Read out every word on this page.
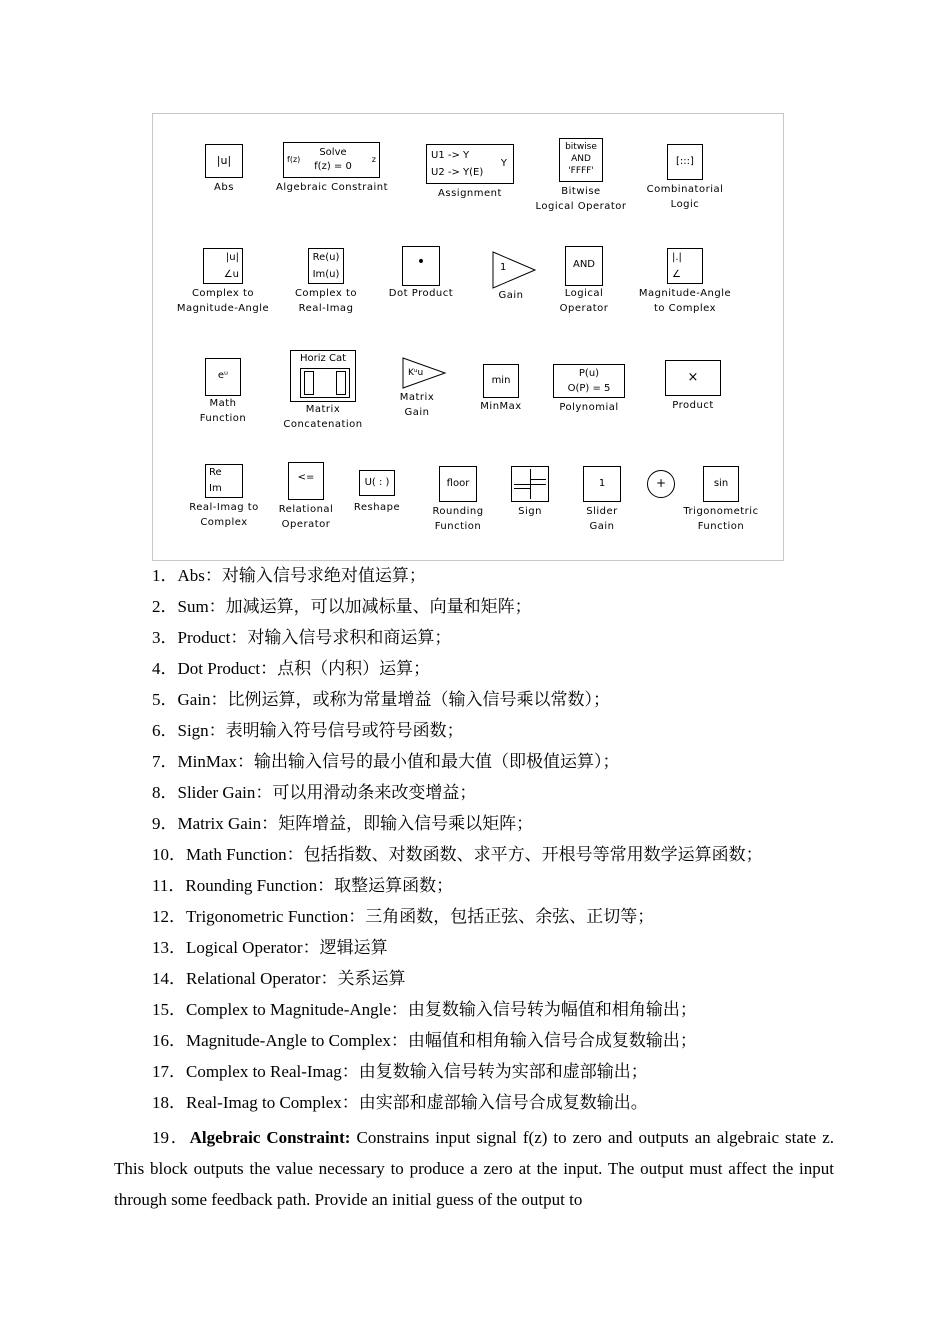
|u|
Abs
f(z)
Solve
f(z) = 0
z
Algebraic Constraint
U1 -> Y
U2 -> Y(E)
Y
Assignment
bitwise
AND
'FFFF'
Bitwise
Logical Operator
[:::]
Combinatorial
Logic
|u|
∠u
Complex to
Magnitude-Angle
Re(u)
Im(u)
Complex to
Real-Imag
•
Dot Product
1
Gain
AND
Logical
Operator
|.|
∠
Magnitude-Angle
to Complex
eᵘ
Math
Function
Horiz Cat
Matrix
Concatenation
Kᵘu
Matrix
Gain
min
MinMax
P(u)
O(P) = 5
Polynomial
×
Product
Re
Im
Real-Imag to
Complex
<=
Relational
Operator
U( : )
Reshape
floor
Rounding
Function
Sign
1
Slider
Gain
+	sin
Trigonometric
Function
1．Abs：对输入信号求绝对值运算；
2．Sum：加减运算，可以加减标量、向量和矩阵；
3．Product：对输入信号求积和商运算；
4．Dot Product：点积（内积）运算；
5．Gain：比例运算，或称为常量增益（输入信号乘以常数）；
6．Sign：表明输入符号信号或符号函数；
7．MinMax：输出输入信号的最小值和最大值（即极值运算）；
8．Slider Gain：可以用滑动条来改变增益；
9．Matrix Gain：矩阵增益，即输入信号乘以矩阵；
10．Math Function：包括指数、对数函数、求平方、开根号等常用数学运算函数；
11．Rounding Function：取整运算函数；
12．Trigonometric Function：三角函数，包括正弦、余弦、正切等；
13．Logical Operator：逻辑运算
14．Relational Operator：关系运算
15．Complex to Magnitude-Angle：由复数输入信号转为幅值和相角输出；
16．Magnitude-Angle to Complex：由幅值和相角输入信号合成复数输出；
17．Complex to Real-Imag：由复数输入信号转为实部和虚部输出；
18．Real-Imag to Complex：由实部和虚部输入信号合成复数输出。
19．Algebraic Constraint: Constrains input signal f(z) to zero and outputs an algebraic state z. This block outputs the value necessary to produce a zero at the input. The output must affect the input through some feedback path. Provide an initial guess of the output to
